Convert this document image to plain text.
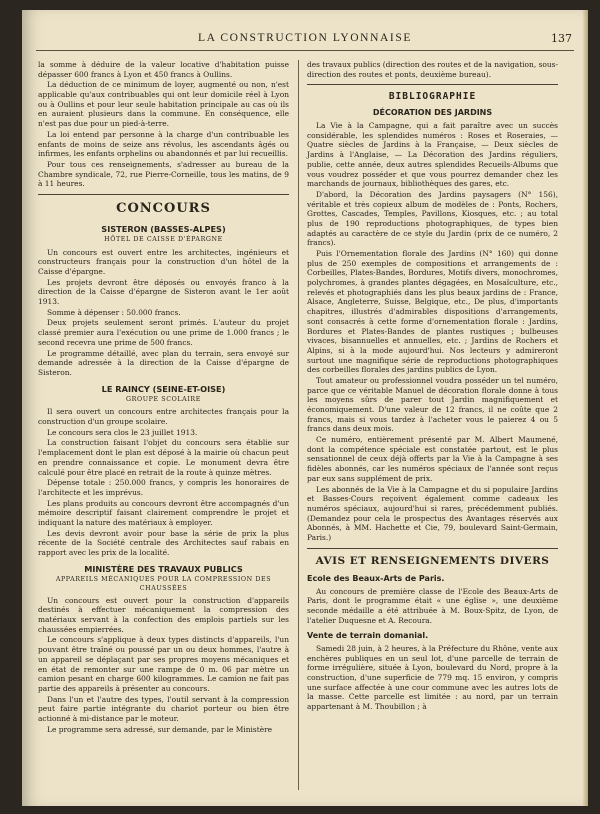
LA CONSTRUCTION LYONNAISE	137

la somme à déduire de la valeur locative d'habitation puisse dépasser 600 francs à Lyon et 450 francs à Oullins.

La déduction de ce minimum de loyer, augmenté ou non, n'est applicable qu'aux contribuables qui ont leur domicile réel à Lyon ou à Oullins et pour leur seule habitation principale au cas où ils en auraient plusieurs dans la commune. En conséquence, elle n'est pas due pour un pied-à-terre.

La loi entend par personne à la charge d'un contribuable les enfants de moins de seize ans révolus, les ascendants âgés ou infirmes, les enfants orphelins ou abandonnés et par lui recueillis.

Pour tous ces renseignements, s'adresser au bureau de la Chambre syndicale, 72, rue Pierre-Corneille, tous les matins, de 9 à 11 heures.

CONCOURS
SISTERON (BASSES-ALPES)
HÔTEL DE CAISSE D'ÉPARGNE

Un concours est ouvert entre les architectes, ingénieurs et constructeurs français pour la construction d'un hôtel de la Caisse d'épargne.

Les projets devront être déposés ou envoyés franco à la direction de la Caisse d'épargne de Sisteron avant le 1er août 1913.

Somme à dépenser : 50.000 francs.

Deux projets seulement seront primés. L'auteur du projet classé premier aura l'exécution ou une prime de 1.000 francs ; le second recevra une prime de 500 francs.

Le programme détaillé, avec plan du terrain, sera envoyé sur demande adressée à la direction de la Caisse d'épargne de Sisteron.

LE RAINCY (SEINE-ET-OISE)
GROUPE SCOLAIRE

Il sera ouvert un concours entre architectes français pour la construction d'un groupe scolaire.

Le concours sera clos le 23 juillet 1913.

La construction faisant l'objet du concours sera établie sur l'emplacement dont le plan est déposé à la mairie où chacun peut en prendre connaissance et copie. Le monument devra être calculé pour être placé en retrait de la route à quinze mètres.

Dépense totale : 250.000 francs, y compris les honoraires de l'architecte et les imprévus.

Les plans produits au concours devront être accompagnés d'un mémoire descriptif faisant clairement comprendre le projet et indiquant la nature des matériaux à employer.

Les devis devront avoir pour base la série de prix la plus récente de la Société centrale des Architectes sauf rabais en rapport avec les prix de la localité.

MINISTÈRE DES TRAVAUX PUBLICS
APPAREILS MÉCANIQUES POUR LA COMPRESSION DES CHAUSSÉES

Un concours est ouvert pour la construction d'appareils destinés à effectuer mécaniquement la compression des matériaux servant à la confection des emplois partiels sur les chaussées empierrées.

Le concours s'applique à deux types distincts d'appareils, l'un pouvant être traîné ou poussé par un ou deux hommes, l'autre à un appareil se déplaçant par ses propres moyens mécaniques et en état de remonter sur une rampe de 0 m. 06 par mètre un camion pesant en charge 600 kilogrammes. Le camion ne fait pas partie des appareils à présenter au concours.

Dans l'un et l'autre des types, l'outil servant à la compression peut faire partie intégrante du chariot porteur ou bien être actionné à mi-distance par le moteur.

Le programme sera adressé, sur demande, par le Ministère

des travaux publics (direction des routes et de la navigation, sous-direction des routes et ponts, deuxième bureau).

BIBLIOGRAPHIE
DÉCORATION DES JARDINS

La Vie à la Campagne, qui a fait paraître avec un succès considérable, les splendides numéros : Roses et Roseraies, — Quatre siècles de Jardins à la Française, — Deux siècles de Jardins à l'Anglaise, — La Décoration des Jardins réguliers, publie, cette année, deux autres splendides Recueils-Albums que vous voudrez posséder et que vous pourrez demander chez les marchands de journaux, bibliothèques des gares, etc.

D'abord, la Décoration des Jardins paysagers (N° 156), véritable et très copieux album de modèles de : Ponts, Rochers, Grottes, Cascades, Temples, Pavillons, Kiosques, etc. ; au total plus de 190 reproductions photographiques, de types bien adaptés au caractère de ce style du Jardin (prix de ce numéro, 2 francs).

Puis l'Ornementation florale des Jardins (N° 160) qui donne plus de 250 exemples de compositions et arrangements de : Corbeilles, Plates-Bandes, Bordures, Motifs divers, monochromes, polychromes, à grandes plantes dégagées, en Mosaïculture, etc., relevés et photographiés dans les plus beaux jardins de : France, Alsace, Angleterre, Suisse, Belgique, etc., De plus, d'importants chapitres, illustrés d'admirables dispositions d'arrangements, sont consacrés à cette forme d'ornementation florale : Jardins, Bordures et Plates-Bandes de plantes rustiques ; bulbeuses vivaces, bisannuelles et annuelles, etc. ; Jardins de Rochers et Alpins, si à la mode aujourd'hui. Nos lecteurs y admireront surtout une magnifique série de reproductions photographiques des corbeilles florales des jardins publics de Lyon.

Tout amateur ou professionnel voudra posséder un tel numéro, parce que ce véritable Manuel de décoration florale donne à tous les moyens sûrs de parer tout Jardin magnifiquement et économiquement. D'une valeur de 12 francs, il ne coûte que 2 francs, mais si vous tardez à l'acheter vous le paierez 4 ou 5 francs dans deux mois.

Ce numéro, entièrement présenté par M. Albert Maumené, dont la compétence spéciale est constatée partout, est le plus sensationnel de ceux déjà offerts par la Vie à la Campagne à ses fidèles abonnés, car les numéros spéciaux de l'année sont reçus par eux sans supplément de prix.

Les abonnés de la Vie à la Campagne et du si populaire Jardins et Basses-Cours reçoivent également comme cadeaux les numéros spéciaux, aujourd'hui si rares, précédemment publiés. (Demandez pour cela le prospectus des Avantages réservés aux Abonnés, à MM. Hachette et Cie, 79, boulevard Saint-Germain, Paris.)

AVIS ET RENSEIGNEMENTS DIVERS
Ecole des Beaux-Arts de Paris.

Au concours de première classe de l'Ecole des Beaux-Arts de Paris, dont le programme était « une église », une deuxième seconde médaille a été attribuée à M. Boux-Spitz, de Lyon, de l'atelier Duquesne et A. Recoura.

Vente de terrain domanial.

Samedi 28 juin, à 2 heures, à la Préfecture du Rhône, vente aux enchères publiques en un seul lot, d'une parcelle de terrain de forme irrégulière, située à Lyon, boulevard du Nord, propre à la construction, d'une superficie de 779 mq. 15 environ, y compris une surface affectée à une cour commune avec les autres lots de la masse. Cette parcelle est limitée : au nord, par un terrain appartenant à M. Thoubillon ; à
